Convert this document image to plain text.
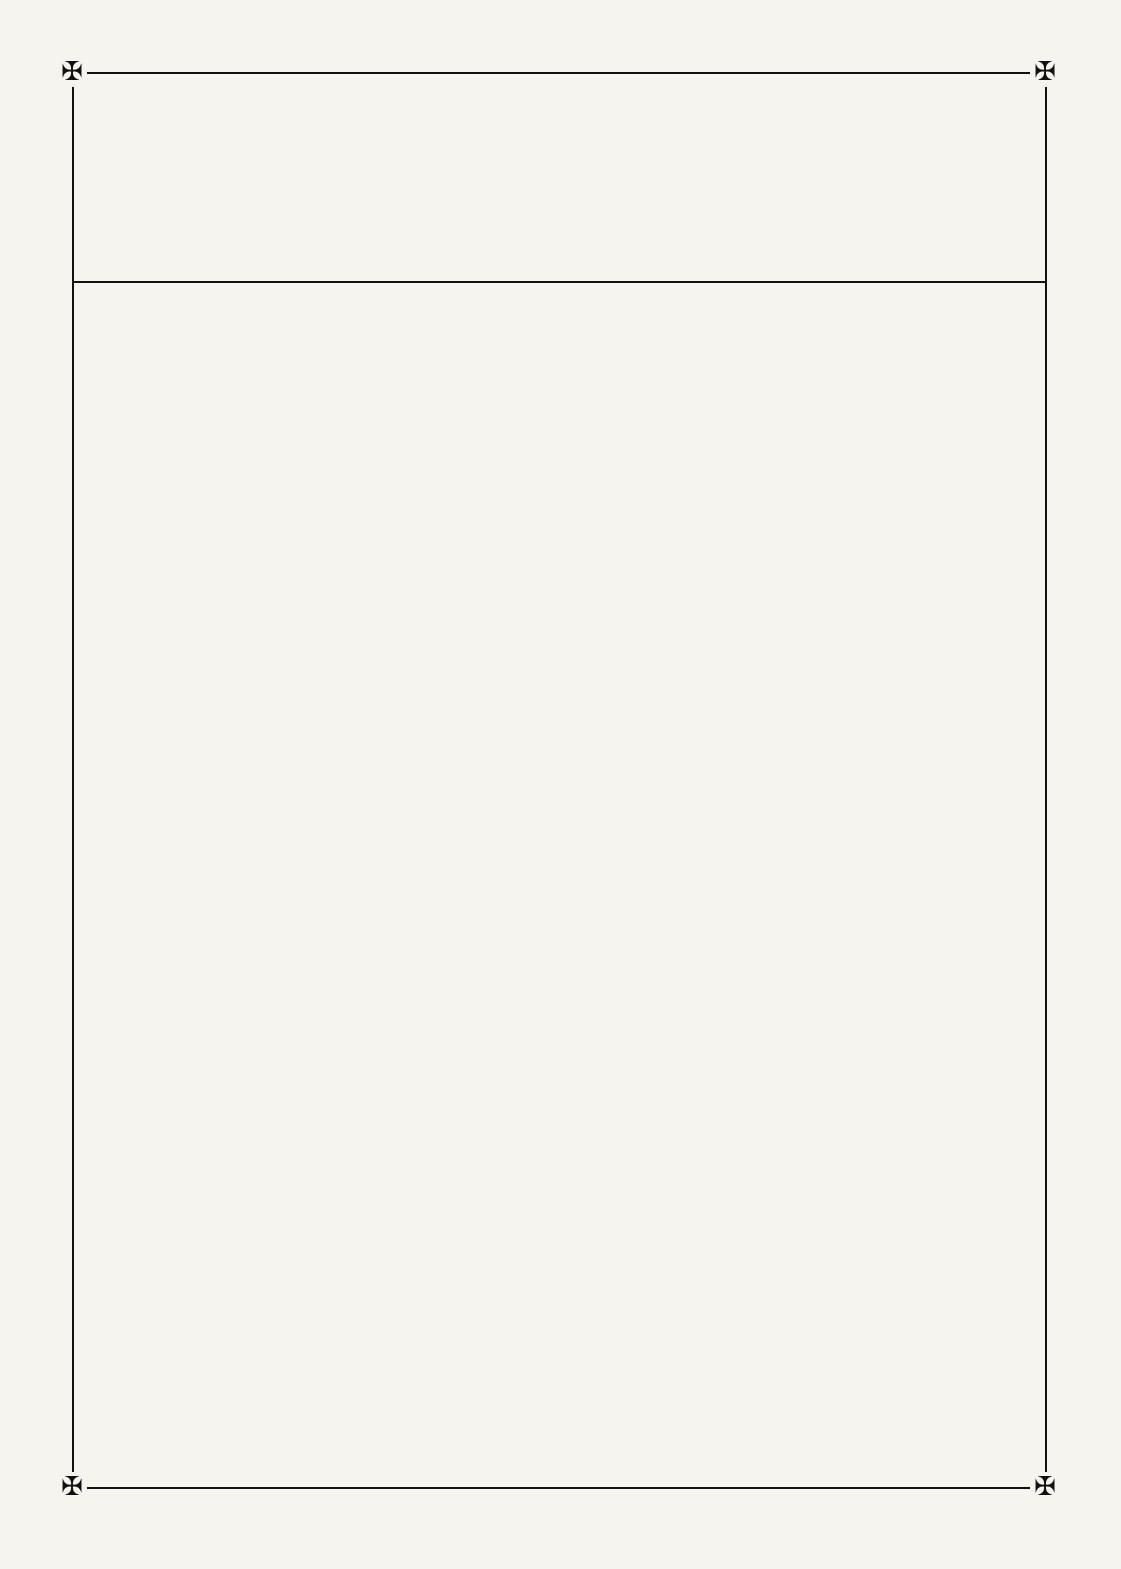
✠	✠
✠	✠
